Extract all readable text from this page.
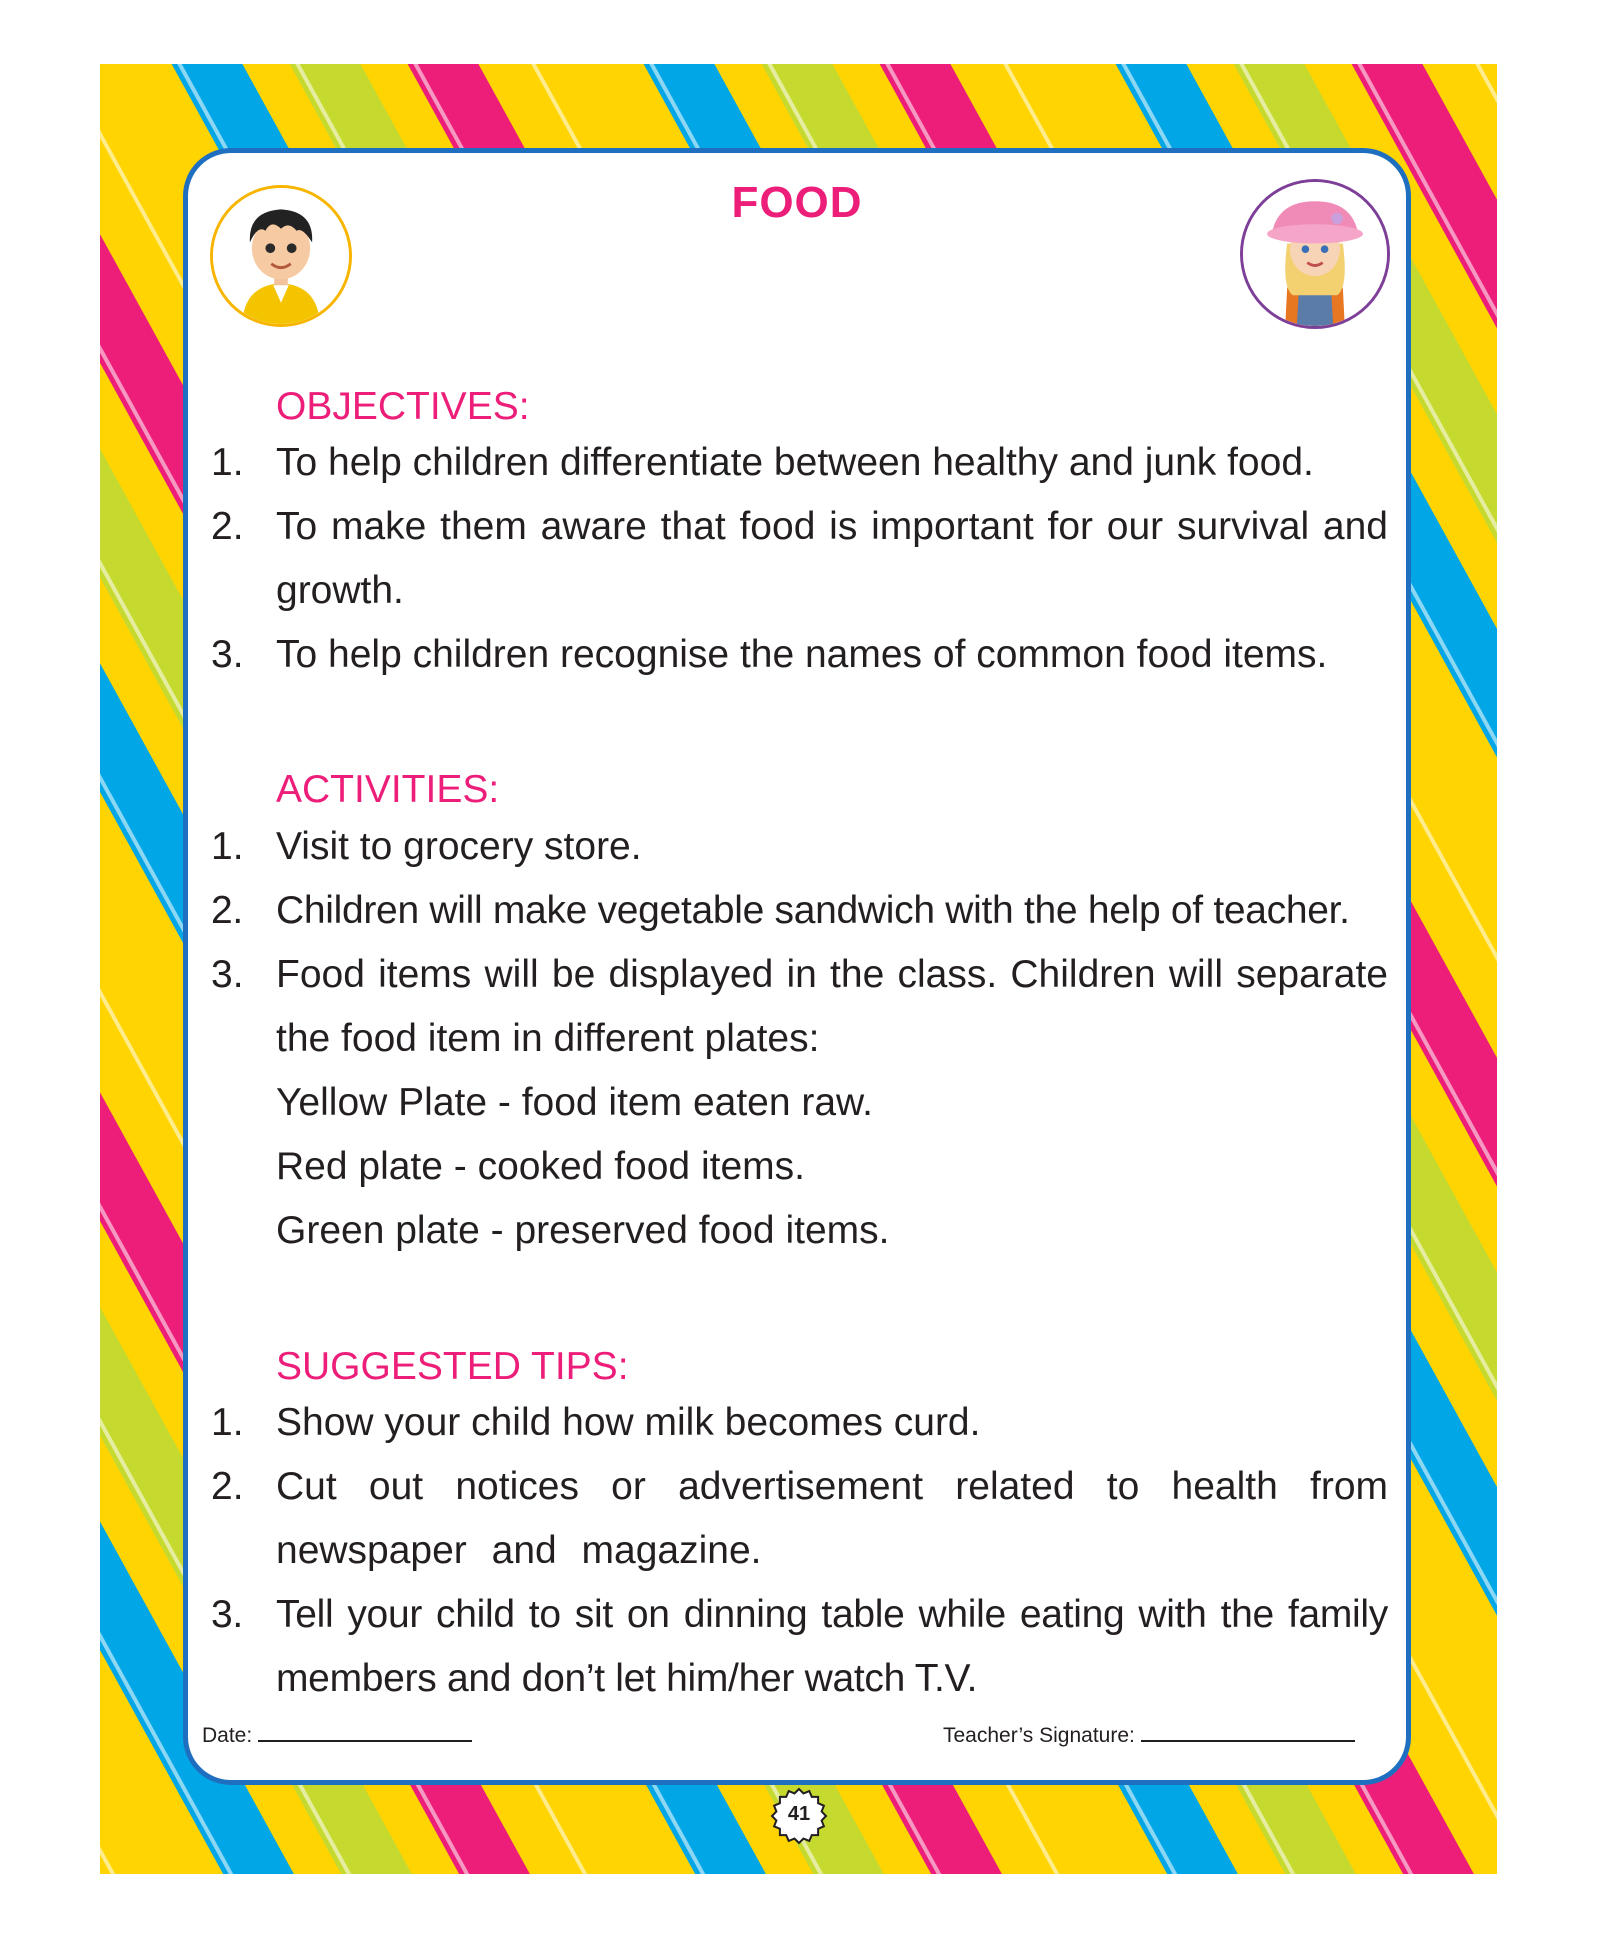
FOOD
OBJECTIVES:
1. To help children differentiate between healthy and junk food.
2. To make them aware that food is important for our survival and growth.
3. To help children recognise the names of common food items.
ACTIVITIES:
1. Visit to grocery store.
2. Children will make vegetable sandwich with the help of teacher.
3. Food items will be displayed in the class. Children will separate the food item in different plates:
Yellow Plate - food item eaten raw.
Red plate - cooked food items.
Green plate - preserved food items.
SUGGESTED TIPS:
1. Show your child how milk becomes curd.
2. Cut out notices or advertisement related to health from newspaper and magazine.
3. Tell your child to sit on dinning table while eating with the family members and don’t let him/her watch T.V.
Date:	Teacher’s Signature:
41
